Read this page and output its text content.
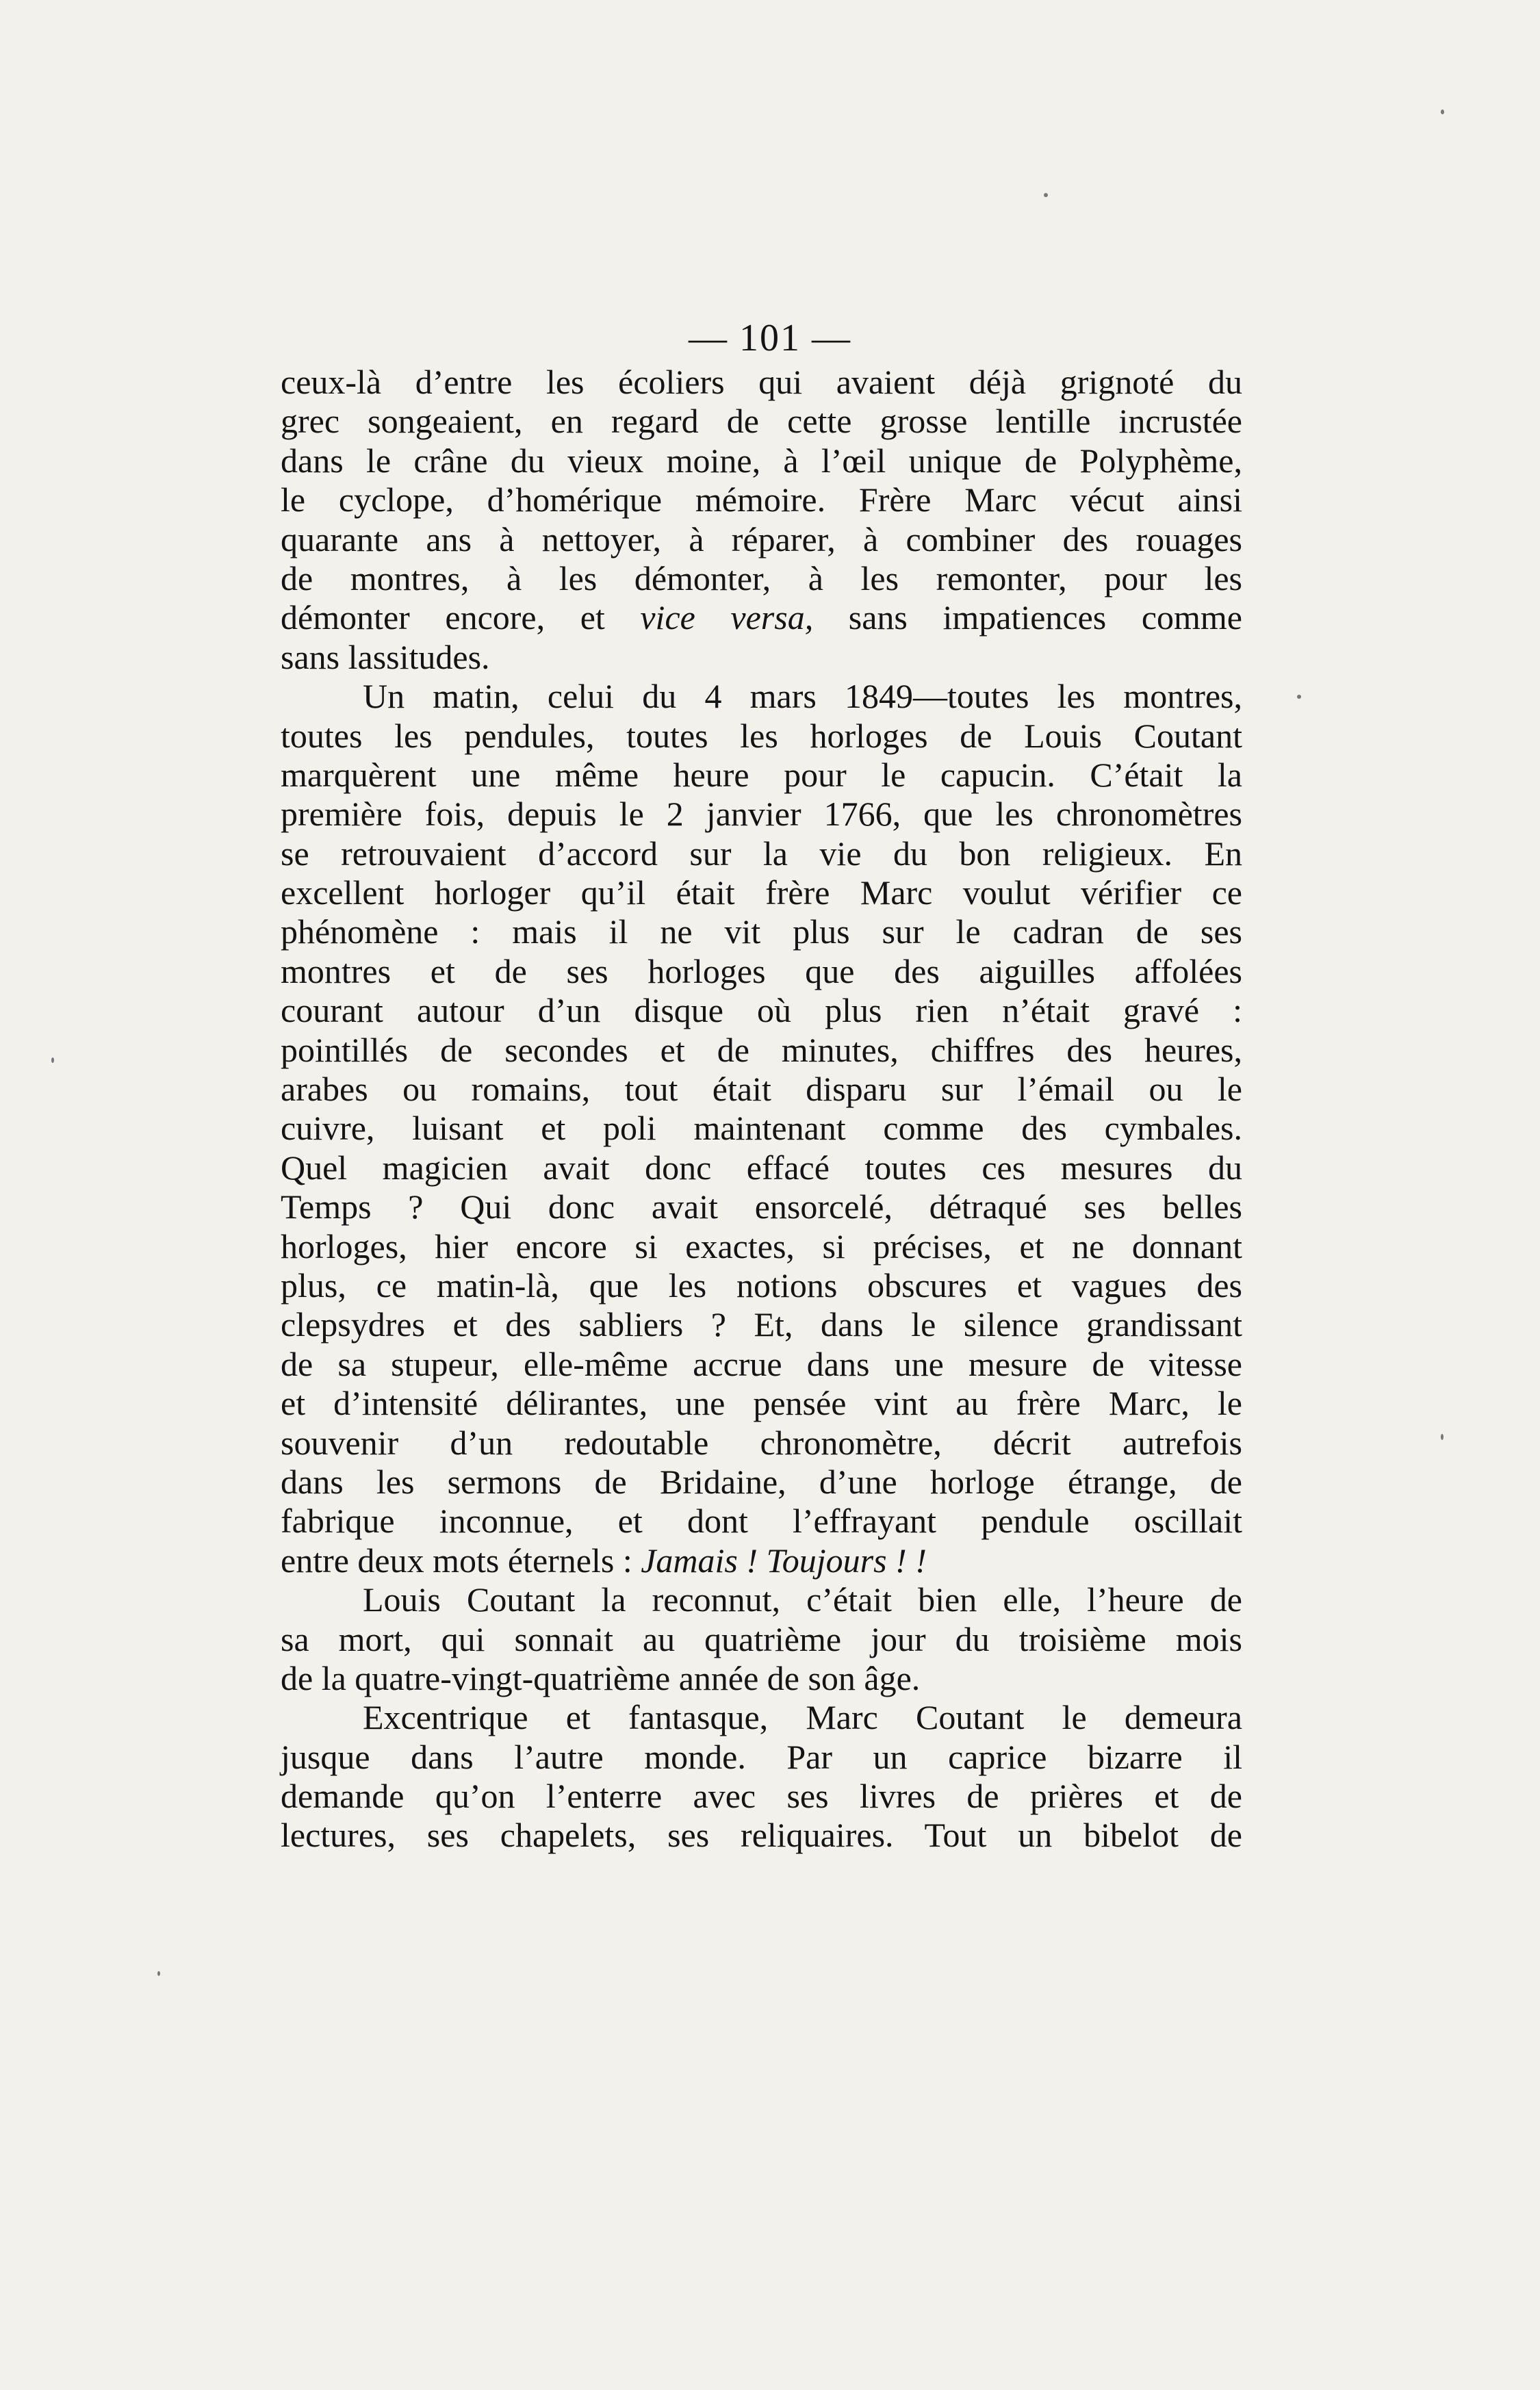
— 101 —
ceux-là d’entre les écoliers qui avaient déjà grignoté du
grec songeaient, en regard de cette grosse lentille incrustée
dans le crâne du vieux moine, à l’œil unique de Polyphème,
le cyclope, d’homérique mémoire. Frère Marc vécut ainsi
quarante ans à nettoyer, à réparer, à combiner des rouages
de montres, à les démonter, à les remonter, pour les
démonter encore, et vice versa, sans impatiences comme
sans lassitudes.
Un matin, celui du 4 mars 1849—toutes les montres,
toutes les pendules, toutes les horloges de Louis Coutant
marquèrent une même heure pour le capucin. C’était la
première fois, depuis le 2 janvier 1766, que les chronomètres
se retrouvaient d’accord sur la vie du bon religieux. En
excellent horloger qu’il était frère Marc voulut vérifier ce
phénomène : mais il ne vit plus sur le cadran de ses
montres et de ses horloges que des aiguilles affolées
courant autour d’un disque où plus rien n’était gravé :
pointillés de secondes et de minutes, chiffres des heures,
arabes ou romains, tout était disparu sur l’émail ou le
cuivre, luisant et poli maintenant comme des cymbales.
Quel magicien avait donc effacé toutes ces mesures du
Temps ? Qui donc avait ensorcelé, détraqué ses belles
horloges, hier encore si exactes, si précises, et ne donnant
plus, ce matin-là, que les notions obscures et vagues des
clepsydres et des sabliers ? Et, dans le silence grandissant
de sa stupeur, elle-même accrue dans une mesure de vitesse
et d’intensité délirantes, une pensée vint au frère Marc, le
souvenir d’un redoutable chronomètre, décrit autrefois
dans les sermons de Bridaine, d’une horloge étrange, de
fabrique inconnue, et dont l’effrayant pendule oscillait
entre deux mots éternels : Jamais ! Toujours ! !
Louis Coutant la reconnut, c’était bien elle, l’heure de
sa mort, qui sonnait au quatrième jour du troisième mois
de la quatre-vingt-quatrième année de son âge.
Excentrique et fantasque, Marc Coutant le demeura
jusque dans l’autre monde. Par un caprice bizarre il
demande qu’on l’enterre avec ses livres de prières et de
lectures, ses chapelets, ses reliquaires. Tout un bibelot de
